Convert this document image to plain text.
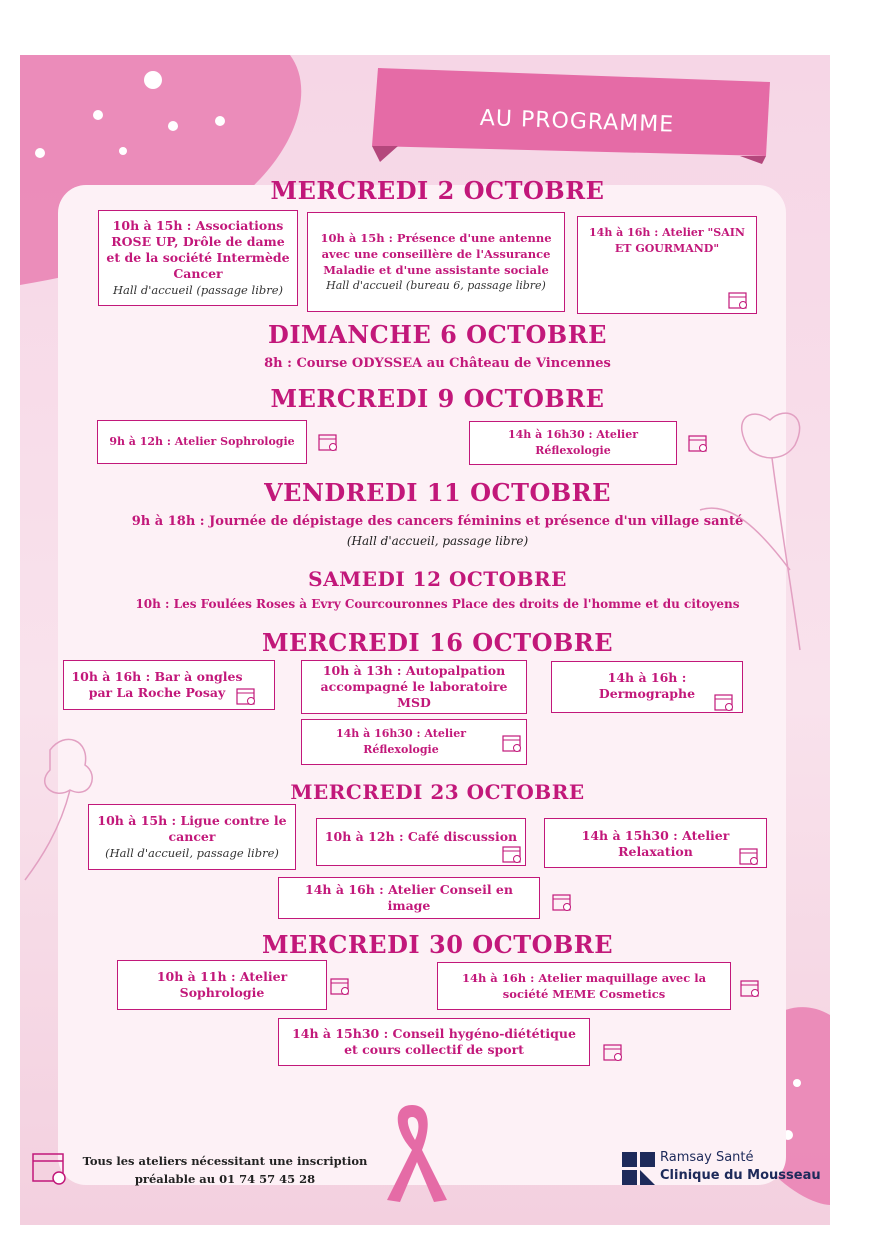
AU PROGRAMME
MERCREDI 2 OCTOBRE
10h à 15h : Associations ROSE UP, Drôle de dame et de la société Intermède Cancer
Hall d'accueil (passage libre)
10h à 15h : Présence d'une antenne avec une conseillère de l'Assurance Maladie et d'une assistante sociale
Hall d'accueil (bureau 6, passage libre)
14h à 16h : Atelier "SAIN ET GOURMAND"
DIMANCHE 6 OCTOBRE
8h : Course ODYSSEA au Château de Vincennes
MERCREDI 9 OCTOBRE
9h à 12h : Atelier Sophrologie
14h à 16h30 : Atelier Réflexologie
VENDREDI 11 OCTOBRE
9h à 18h : Journée de dépistage des cancers féminins et présence d'un village santé
(Hall d'accueil, passage libre)
SAMEDI 12 OCTOBRE
10h : Les Foulées Roses à Evry Courcouronnes Place des droits de l'homme et du citoyens
MERCREDI 16 OCTOBRE
10h à 16h : Bar à ongles par La Roche Posay
10h à 13h : Autopalpation accompagné le laboratoire MSD
14h à 16h : Dermographe
14h à 16h30 : Atelier Réflexologie
MERCREDI 23 OCTOBRE
10h à 15h : Ligue contre le cancer
(Hall d'accueil, passage libre)
10h à 12h : Café discussion	14h à 15h30 : Atelier Relaxation
14h à 16h : Atelier Conseil en image
MERCREDI 30 OCTOBRE
10h à 11h : Atelier Sophrologie
14h à 16h : Atelier maquillage avec la société MEME Cosmetics
14h à 15h30 : Conseil hygéno-diététique et cours collectif de sport
Tous les ateliers nécessitant une inscription préalable au 01 74 57 45 28
Ramsay Santé
Clinique du Mousseau
